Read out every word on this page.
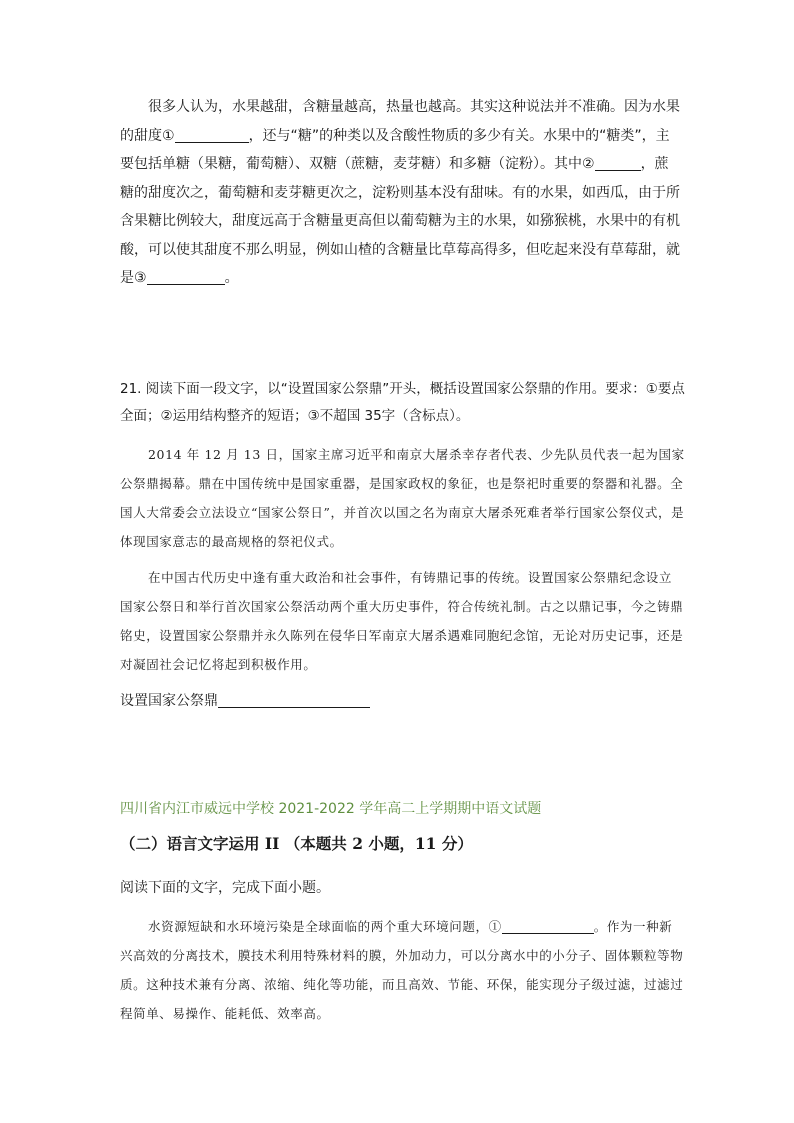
很多人认为，水果越甜，含糖量越高，热量也越高。其实这种说法并不准确。因为水果的甜度①	，还与“糖”的种类以及含酸性物质的多少有关。水果中的“糖类”，主要包括单糖（果糖，葡萄糖）、双糖（蔗糖，麦芽糖）和多糖（淀粉）。其中②	，蔗糖的甜度次之，葡萄糖和麦芽糖更次之，淀粉则基本没有甜味。有的水果，如西瓜，由于所含果糖比例较大，甜度远高于含糖量更高但以葡萄糖为主的水果，如猕猴桃，水果中的有机酸，可以使其甜度不那么明显，例如山楂的含糖量比草莓高得多，但吃起来没有草莓甜，就是③	。

21. 阅读下面一段文字，以“设置国家公祭鼎”开头，概括设置国家公祭鼎的作用。要求：①要点全面；②运用结构整齐的短语；③不超国 35字（含标点）。

2014 年 12 月 13 日，国家主席习近平和南京大屠杀幸存者代表、少先队员代表一起为国家公祭鼎揭幕。鼎在中国传统中是国家重器，是国家政权的象征，也是祭祀时重要的祭器和礼器。全国人大常委会立法设立“国家公祭日”，并首次以国之名为南京大屠杀死难者举行国家公祭仪式，是体现国家意志的最高规格的祭祀仪式。

在中国古代历史中逢有重大政治和社会事件，有铸鼎记事的传统。设置国家公祭鼎纪念设立国家公祭日和举行首次国家公祭活动两个重大历史事件，符合传统礼制。古之以鼎记事，今之铸鼎铭史，设置国家公祭鼎并永久陈列在侵华日军南京大屠杀遇难同胞纪念馆，无论对历史记事，还是对凝固社会记忆将起到积极作用。

设置国家公祭鼎

四川省内江市威远中学校 2021-2022 学年高二上学期期中语文试题

（二）语言文字运用 II （本题共 2 小题，11 分）

阅读下面的文字，完成下面小题。

水资源短缺和水环境污染是全球面临的两个重大环境问题，①	。作为一种新兴高效的分离技术，膜技术利用特殊材料的膜，外加动力，可以分离水中的小分子、固体颗粒等物质。这种技术兼有分离、浓缩、纯化等功能，而且高效、节能、环保，能实现分子级过滤，过滤过程简单、易操作、能耗低、效率高。
